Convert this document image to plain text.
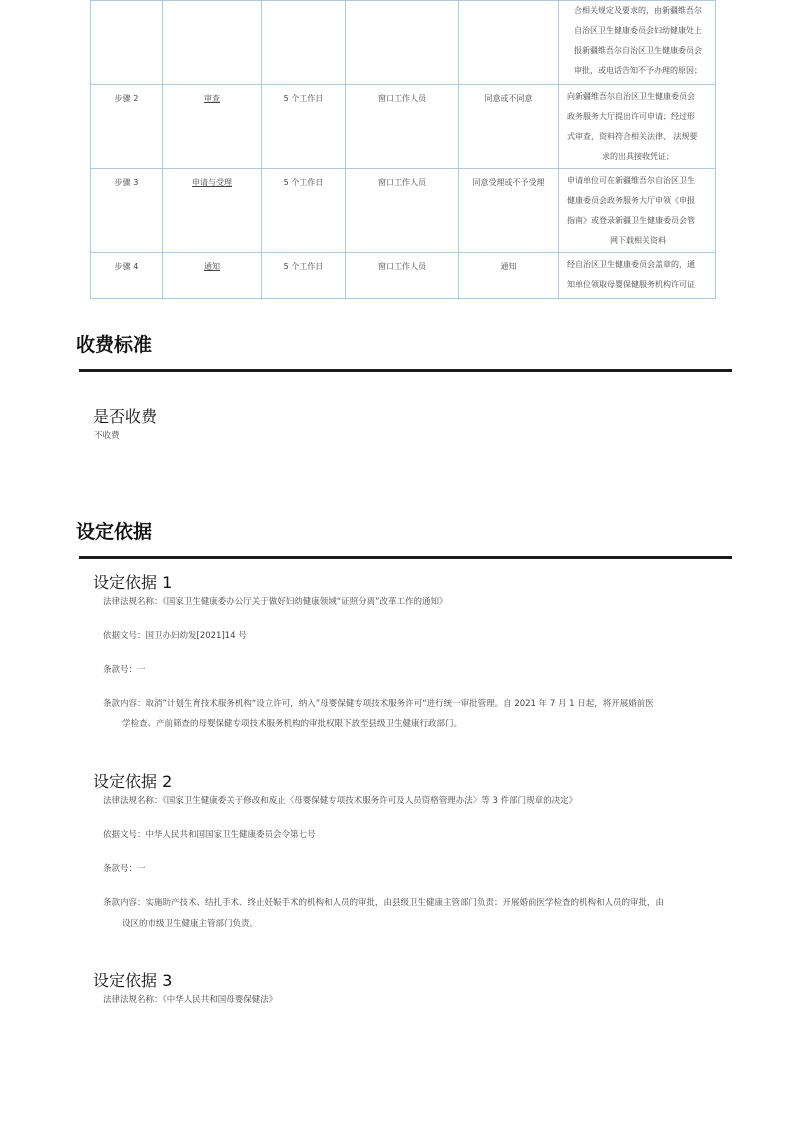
					合相关规定及要求的，由新疆维吾尔
自治区卫生健康委员会妇幼健康处上
报新疆维吾尔自治区卫生健康委员会
审批，或电话告知不予办理的原因；

步骤 2	审查	5 个工作日	窗口工作人员	同意或不同意	向新疆维吾尔自治区卫生健康委员会
政务服务大厅提出许可申请；经过形
式审查，资料符合相关法律、 法规要
求的出具接收凭证；

步骤 3	申请与受理	5 个工作日	窗口工作人员	同意受理或不予受理	申请单位可在新疆维吾尔自治区卫生
健康委员会政务服务大厅申领《申报
指南》或登录新疆卫生健康委员会管
网下载相关资料

步骤 4	通知	5 个工作日	窗口工作人员	通知	经自治区卫生健康委员会盖章的，通
知单位领取母婴保健服务机构许可证
收费标准
是否收费
不收费
设定依据
设定依据 1
法律法规名称：《国家卫生健康委办公厅关于做好妇幼健康领域“证照分离”改革工作的通知》
依据文号：国卫办妇幼发[2021]14 号
条款号：一
条款内容：取消”计划生育技术服务机构“设立许可，纳入”母婴保健专项技术服务许可“进行统一审批管理。自 2021 年 7 月 1 日起，将开展婚前医
学检查、产前筛查的母婴保健专项技术服务机构的审批权限下放至县级卫生健康行政部门。
设定依据 2
法律法规名称：《国家卫生健康委关于修改和废止〈母婴保健专项技术服务许可及人员资格管理办法〉等 3 件部门规章的决定》
依据文号：中华人民共和国国家卫生健康委员会令第七号
条款号：一
条款内容：实施助产技术、结扎手术、终止妊娠手术的机构和人员的审批，由县级卫生健康主管部门负责；开展婚前医学检查的机构和人员的审批，由
设区的市级卫生健康主管部门负责。
设定依据 3
法律法规名称：《中华人民共和国母婴保健法》
